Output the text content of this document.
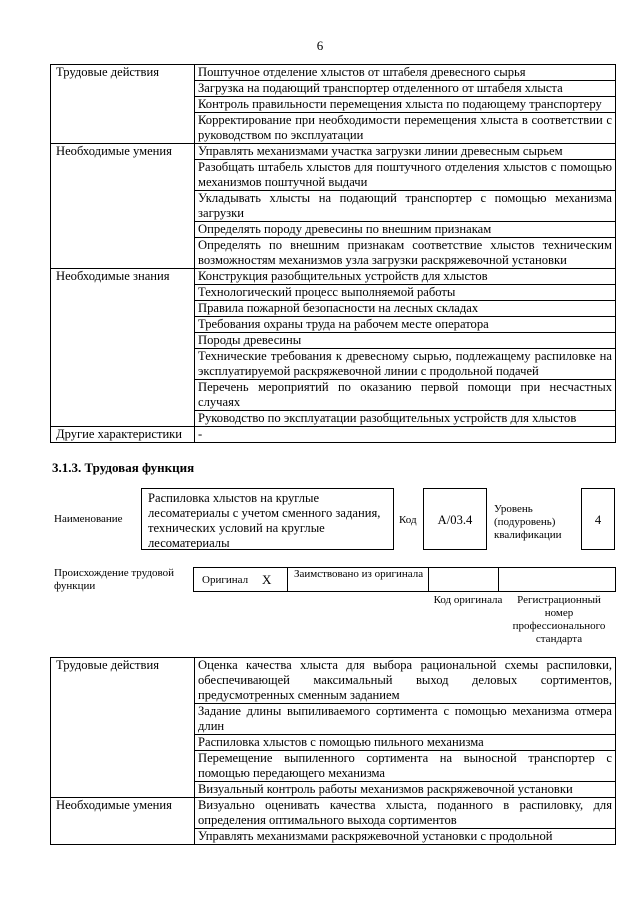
6
Трудовые действия	Поштучное отделение хлыстов от штабеля древесного сырья
	Загрузка на подающий транспортер отделенного от штабеля хлыста
	Контроль правильности перемещения хлыста по подающему транспортеру
	Корректирование при необходимости перемещения хлыста в соответствии с руководством по эксплуатации
Необходимые умения	Управлять механизмами участка загрузки линии древесным сырьем
	Разобщать штабель хлыстов для поштучного отделения хлыстов с помощью механизмов поштучной выдачи
	Укладывать хлысты на подающий транспортер с помощью механизма загрузки
	Определять породу древесины по внешним признакам
	Определять по внешним признакам соответствие хлыстов техническим возможностям механизмов узла загрузки раскряжевочной установки
Необходимые знания	Конструкция разобщительных устройств для хлыстов
	Технологический процесс выполняемой работы
	Правила пожарной безопасности на лесных складах
	Требования охраны труда на рабочем месте оператора
	Породы древесины
	Технические требования к древесному сырью, подлежащему распиловке на эксплуатируемой раскряжевочной линии с продольной подачей
	Перечень мероприятий по оказанию первой помощи при несчастных случаях
	Руководство по эксплуатации разобщительных устройств для хлыстов
Другие характеристики	-
3.1.3. Трудовая функция
Наименование
Распиловка хлыстов на круглые лесоматериалы с учетом сменного задания, технических условий на круглые лесоматериалы
Код	А/03.4
Уровень (подуровень) квалификации
4
Происхождение трудовой функции	Оригинал Х Заимствовано из оригинала
Код оригинала	Регистрационный номер профессионального стандарта
Трудовые действия	Оценка качества хлыста для выбора рациональной схемы распиловки, обеспечивающей максимальный выход деловых сортиментов, предусмотренных сменным заданием
	Задание длины выпиливаемого сортимента с помощью механизма отмера длин
	Распиловка хлыстов с помощью пильного механизма
	Перемещение выпиленного сортимента на выносной транспортер с помощью передающего механизма
	Визуальный контроль работы механизмов раскряжевочной установки
Необходимые умения	Визуально оценивать качества хлыста, поданного в распиловку, для определения оптимального выхода сортиментов
	Управлять механизмами раскряжевочной установки с продольной
